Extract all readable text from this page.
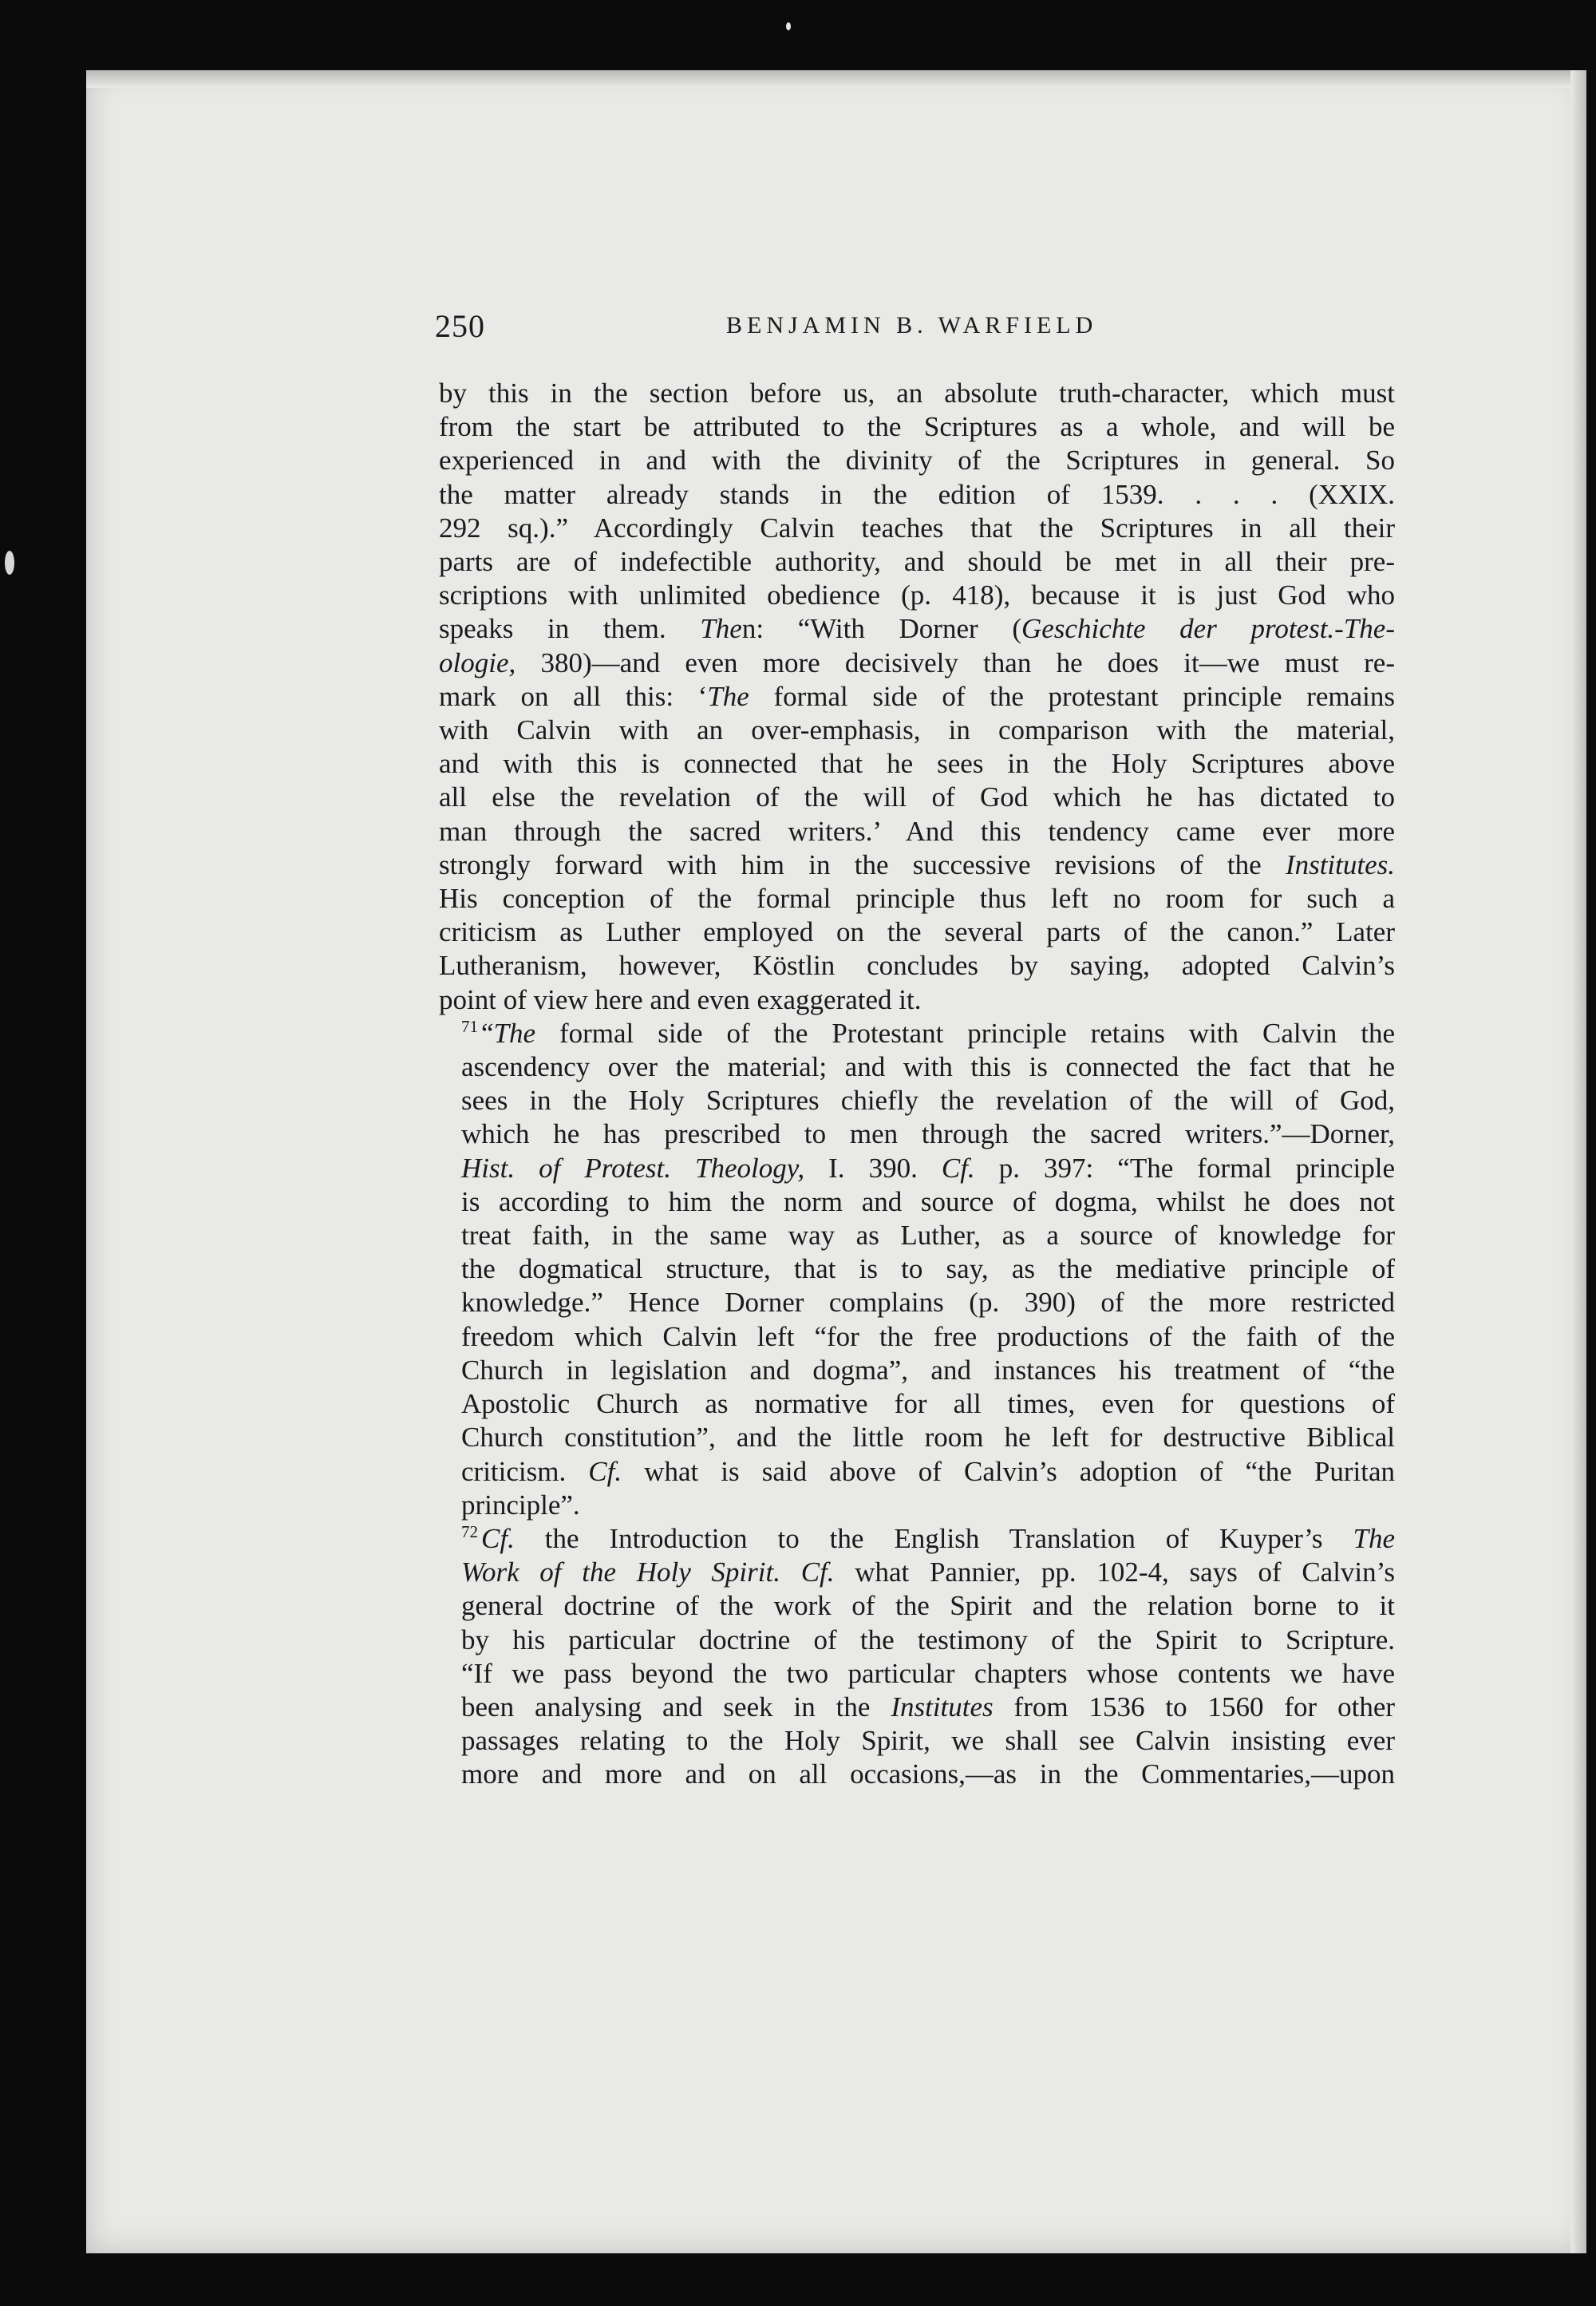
250	BENJAMIN B. WARFIELD

by this in the section before us, an absolute truth-character, which must
from the start be attributed to the Scriptures as a whole, and will be
experienced in and with the divinity of the Scriptures in general. So
the matter already stands in the edition of 1539. . . . (XXIX.
292 sq.).” Accordingly Calvin teaches that the Scriptures in all their
parts are of indefectible authority, and should be met in all their pre-
scriptions with unlimited obedience (p. 418), because it is just God who
speaks in them. Then: “With Dorner (Geschichte der protest.-The-
ologie, 380)—and even more decisively than he does it—we must re-
mark on all this: ‘The formal side of the protestant principle remains
with Calvin with an over-emphasis, in comparison with the material,
and with this is connected that he sees in the Holy Scriptures above
all else the revelation of the will of God which he has dictated to
man through the sacred writers.’ And this tendency came ever more
strongly forward with him in the successive revisions of the Institutes.
His conception of the formal principle thus left no room for such a
criticism as Luther employed on the several parts of the canon.” Later
Lutheranism, however, Köstlin concludes by saying, adopted Calvin’s
point of view here and even exaggerated it.

$^{71}$ “The formal side of the Protestant principle retains with Calvin the
ascendency over the material; and with this is connected the fact that he
sees in the Holy Scriptures chiefly the revelation of the will of God,
which he has prescribed to men through the sacred writers.”—Dorner,
Hist. of Protest. Theology, I. 390. Cf. p. 397: “The formal principle
is according to him the norm and source of dogma, whilst he does not
treat faith, in the same way as Luther, as a source of knowledge for
the dogmatical structure, that is to say, as the mediative principle of
knowledge.” Hence Dorner complains (p. 390) of the more restricted
freedom which Calvin left “for the free productions of the faith of the
Church in legislation and dogma”, and instances his treatment of “the
Apostolic Church as normative for all times, even for questions of
Church constitution”, and the little room he left for destructive Biblical
criticism. Cf. what is said above of Calvin’s adoption of “the Puritan
principle”.

$^{72}$ Cf. the Introduction to the English Translation of Kuyper’s The
Work of the Holy Spirit. Cf. what Pannier, pp. 102-4, says of Calvin’s
general doctrine of the work of the Spirit and the relation borne to it
by his particular doctrine of the testimony of the Spirit to Scripture.
“If we pass beyond the two particular chapters whose contents we have
been analysing and seek in the Institutes from 1536 to 1560 for other
passages relating to the Holy Spirit, we shall see Calvin insisting ever
more and more and on all occasions,—as in the Commentaries,—upon
